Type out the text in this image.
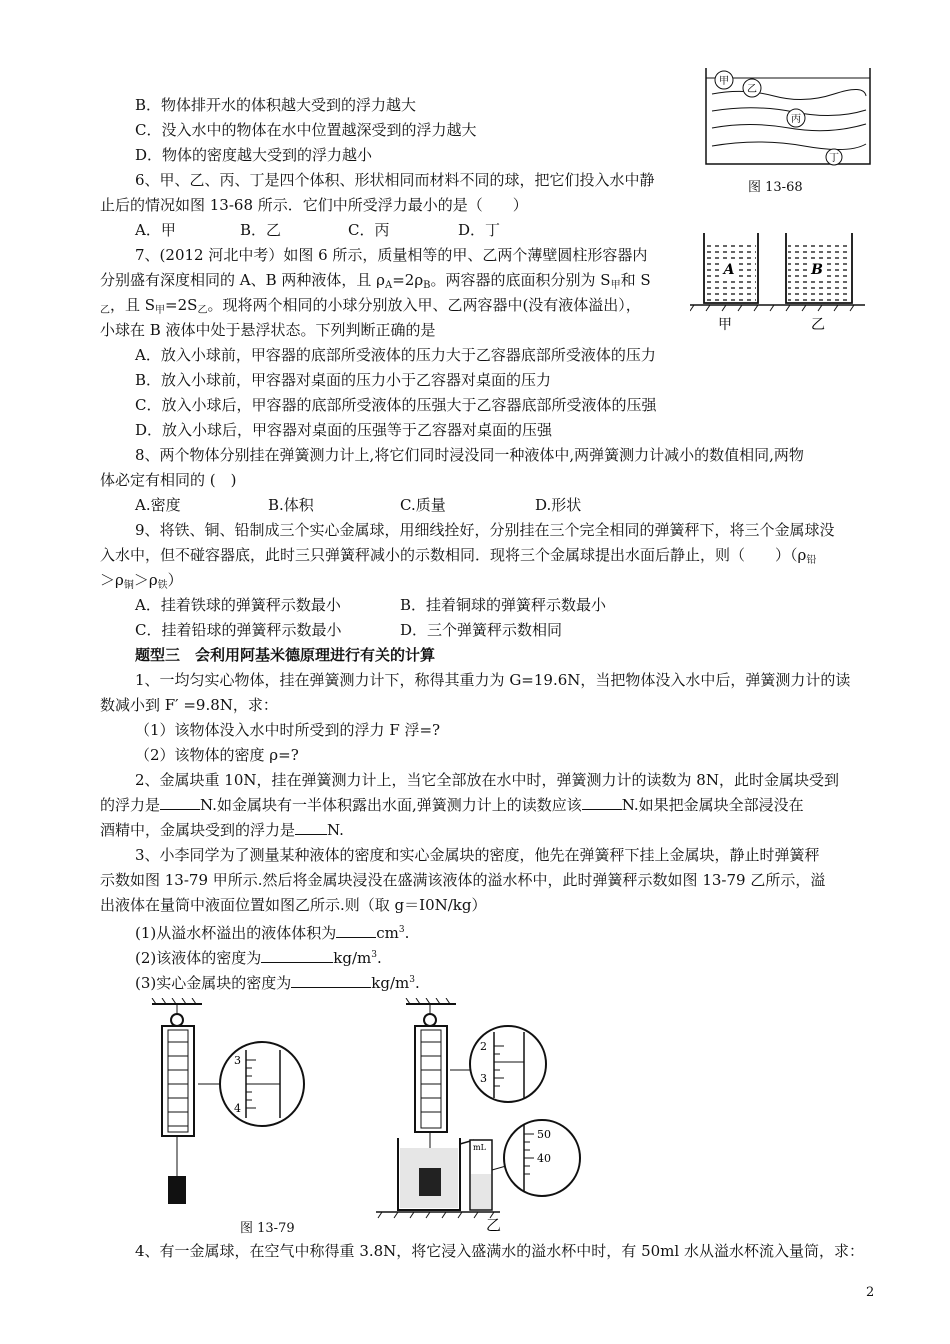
B．物体排开水的体积越大受到的浮力越大
C．没入水中的物体在水中位置越深受到的浮力越大
D．物体的密度越大受到的浮力越小
甲
乙
丙
丁
图 13-68
6、甲、乙、丙、丁是四个体积、形状相同而材料不同的球，把它们投入水中静
止后的情况如图 13-68 所示．它们中所受浮力最小的是（　　）
A．甲	B．乙	C．丙	D．丁
A	B
甲	乙
7、(2012 河北中考）如图 6 所示，质量相等的甲、乙两个薄壁圆柱形容器内
分别盛有深度相同的 A、B 两种液体，且 $\rho_A=2\rho_B$。两容器的底面积分别为 $S_甲$和 S
$_乙$，且 $S_甲=2S_乙$。现将两个相同的小球分别放入甲、乙两容器中(没有液体溢出），
小球在 B 液体中处于悬浮状态。下列判断正确的是
A．放入小球前，甲容器的底部所受液体的压力大于乙容器底部所受液体的压力
B．放入小球前，甲容器对桌面的压力小于乙容器对桌面的压力
C．放入小球后，甲容器的底部所受液体的压强大于乙容器底部所受液体的压强
D．放入小球后，甲容器对桌面的压强等于乙容器对桌面的压强
8、两个物体分别挂在弹簧测力计上,将它们同时浸没同一种液体中,两弹簧测力计减小的数值相同,两物
体必定有相同的 (　)
A.密度	B.体积	C.质量	D.形状
9、将铁、铜、铅制成三个实心金属球，用细线拴好，分别挂在三个完全相同的弹簧秤下，将三个金属球没
入水中，但不碰容器底，此时三只弹簧秤减小的示数相同．现将三个金属球提出水面后静止，则（　　）（$\rho_铅$
$>\rho_铜>\rho_铁$）
A．挂着铁球的弹簧秤示数最小	B．挂着铜球的弹簧秤示数最小
C．挂着铅球的弹簧秤示数最小	D．三个弹簧秤示数相同
题型三　会利用阿基米德原理进行有关的计算
1、一均匀实心物体，挂在弹簧测力计下，称得其重力为 G=19.6N，当把物体没入水中后，弹簧测力计的读
数减小到 F′ =9.8N，求：
（1）该物体没入水中时所受到的浮力 F 浮=?
（2）该物体的密度 ρ=?
2、金属块重 10N，挂在弹簧测力计上，当它全部放在水中时，弹簧测力计的读数为 8N，此时金属块受到
的浮力是	N.如金属块有一半体积露出水面,弹簧测力计上的读数应该	N.如果把金属块全部浸没在
酒精中，金属块受到的浮力是 N.
3、小李同学为了测量某种液体的密度和实心金属块的密度，他先在弹簧秤下挂上金属块，静止时弹簧秤
示数如图 13-79 甲所示.然后将金属块浸没在盛满该液体的溢水杯中，此时弹簧秤示数如图 13-79 乙所示，溢
出液体在量筒中液面位置如图乙所示.则（取 g＝I0N/kg）
(1)从溢水杯溢出的液体体积为	$cm^3$.
(2)该液体的密度为	$kg/m^3$.
(3)实心金属块的密度为	$kg/m^3$.
3
4
图 13-79
mL
2
3
50
40
乙
4、有一金属球，在空气中称得重 3.8N，将它浸入盛满水的溢水杯中时，有 50ml 水从溢水杯流入量筒，求：
2
